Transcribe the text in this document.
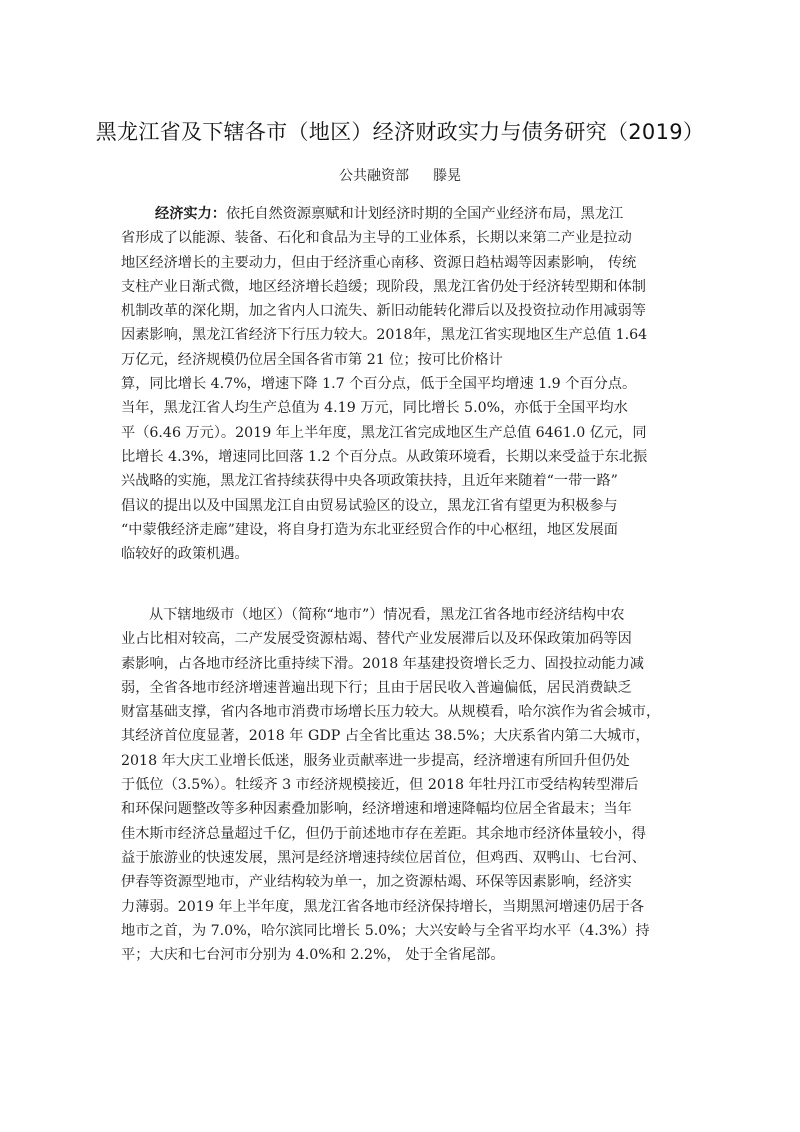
黑龙江省及下辖各市（地区）经济财政实力与债务研究（2019）
公共融资部 滕晃
经济实力：依托自然资源禀赋和计划经济时期的全国产业经济布局，黑龙江
省形成了以能源、装备、石化和食品为主导的工业体系，长期以来第二产业是拉动
地区经济增长的主要动力，但由于经济重心南移、资源日趋枯竭等因素影响， 传统
支柱产业日渐式微，地区经济增长趋缓；现阶段，黑龙江省仍处于经济转型期和体制
机制改革的深化期，加之省内人口流失、新旧动能转化滞后以及投资拉动作用减弱等
因素影响，黑龙江省经济下行压力较大。2018年，黑龙江省实现地区生产总值 1.64
万亿元，经济规模仍位居全国各省市第 21 位；按可比价格计
算，同比增长 4.7%，增速下降 1.7 个百分点，低于全国平均增速 1.9 个百分点。
当年，黑龙江省人均生产总值为 4.19 万元，同比增长 5.0%，亦低于全国平均水
平（6.46 万元）。2019 年上半年度，黑龙江省完成地区生产总值 6461.0 亿元，同
比增长 4.3%，增速同比回落 1.2 个百分点。从政策环境看，长期以来受益于东北振
兴战略的实施，黑龙江省持续获得中央各项政策扶持，且近年来随着“一带一路”
倡议的提出以及中国黑龙江自由贸易试验区的设立，黑龙江省有望更为积极参与
“中蒙俄经济走廊”建设，将自身打造为东北亚经贸合作的中心枢纽，地区发展面
临较好的政策机遇。
从下辖地级市（地区）（简称“地市”）情况看，黑龙江省各地市经济结构中农
业占比相对较高，二产发展受资源枯竭、替代产业发展滞后以及环保政策加码等因
素影响，占各地市经济比重持续下滑。2018 年基建投资增长乏力、固投拉动能力减
弱，全省各地市经济增速普遍出现下行；且由于居民收入普遍偏低，居民消费缺乏
财富基础支撑，省内各地市消费市场增长压力较大。从规模看，哈尔滨作为省会城市，
其经济首位度显著，2018 年 GDP 占全省比重达 38.5%；大庆系省内第二大城市，
2018 年大庆工业增长低迷，服务业贡献率进一步提高，经济增速有所回升但仍处
于低位（3.5%）。牡绥齐 3 市经济规模接近，但 2018 年牡丹江市受结构转型滞后
和环保问题整改等多种因素叠加影响，经济增速和增速降幅均位居全省最末；当年
佳木斯市经济总量超过千亿，但仍于前述地市存在差距。其余地市经济体量较小，得
益于旅游业的快速发展，黑河是经济增速持续位居首位，但鸡西、双鸭山、七台河、
伊春等资源型地市，产业结构较为单一，加之资源枯竭、环保等因素影响，经济实
力薄弱。2019 年上半年度，黑龙江省各地市经济保持增长，当期黑河增速仍居于各
地市之首，为 7.0%，哈尔滨同比增长 5.0%；大兴安岭与全省平均水平（4.3%）持
平；大庆和七台河市分别为 4.0%和 2.2%， 处于全省尾部。
